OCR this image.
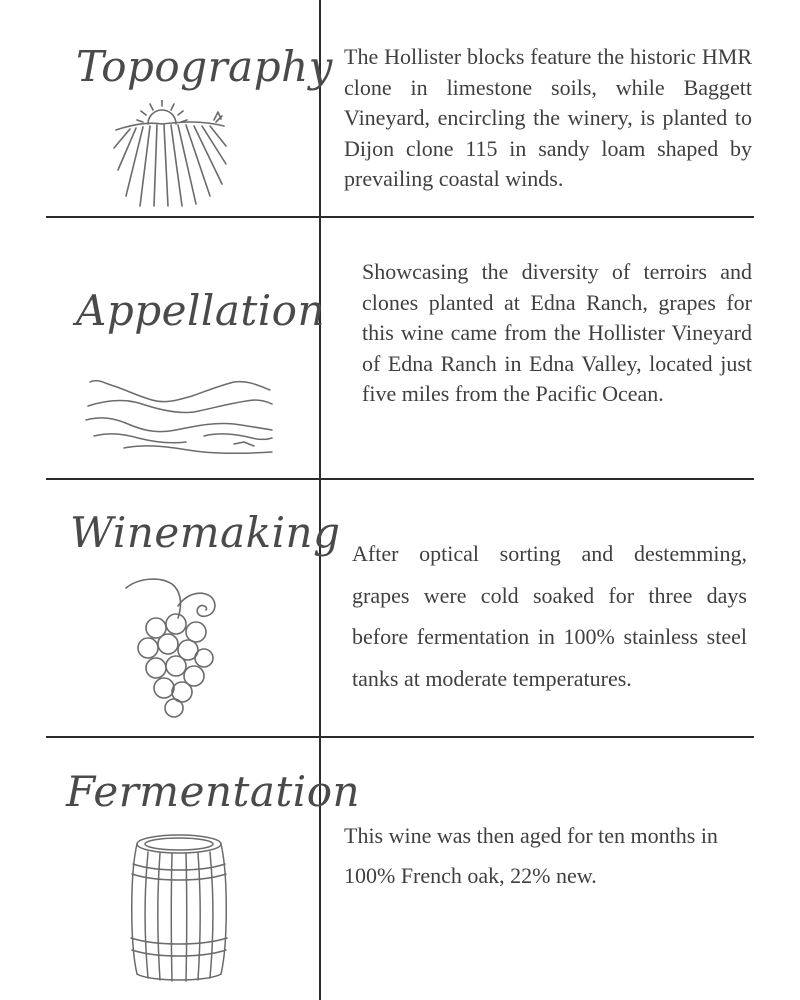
Topography The Hollister blocks feature the historic HMR clone in limestone soils, while Baggett Vineyard, encircling the winery, is planted to Dijon clone 115 in sandy loam shaped by prevailing coastal winds.

Appellation

Showcasing the diversity of terroirs and clones planted at Edna Ranch, grapes for this wine came from the Hollister Vineyard of Edna Ranch in Edna Valley, located just five miles from the Pacific Ocean.

Winemaking After optical sorting and destemming, grapes were cold soaked for three days before fermentation in 100% stainless steel tanks at moderate temperatures.

Fermentation

This wine was then aged for ten months in 100% French oak, 22% new.
